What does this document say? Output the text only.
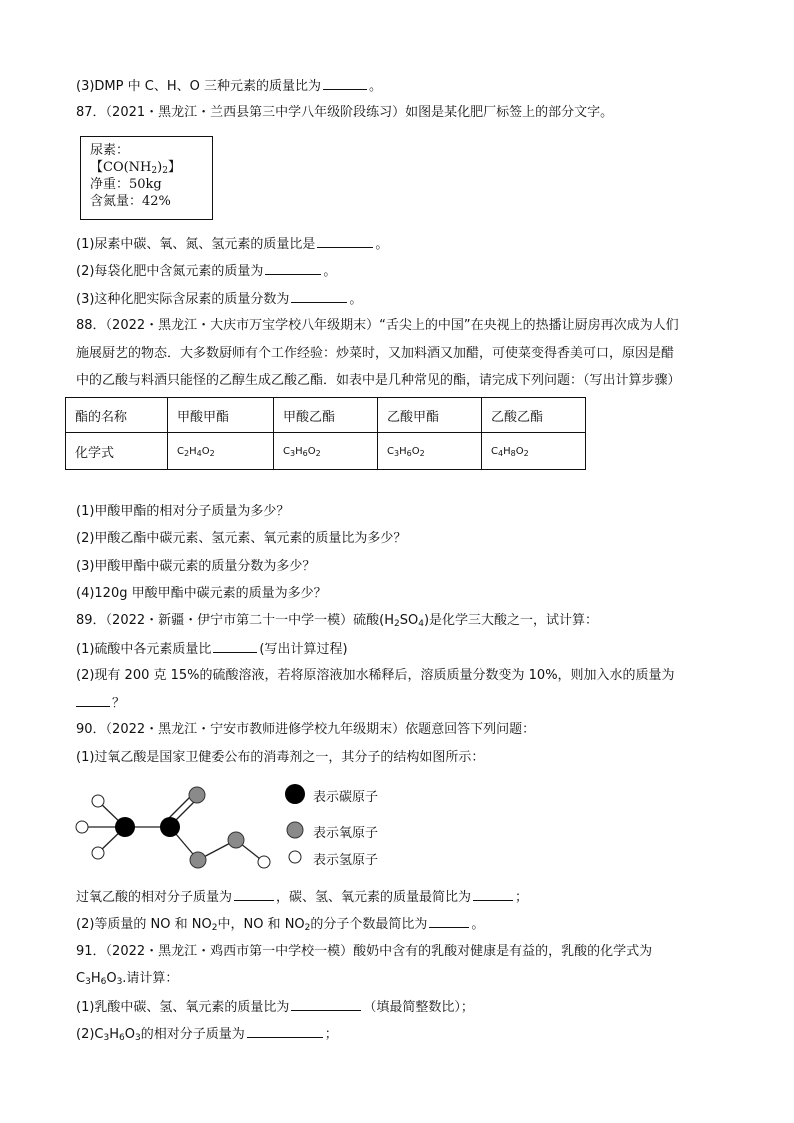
(3)DMP 中 C、H、O 三种元素的质量比为	。
87．（2021・黑龙江・兰西县第三中学八年级阶段练习）如图是某化肥厂标签上的部分文字。
尿素：【$CO(NH_2)_2$】
净重：50kg
含氮量：42%
(1)尿素中碳、氧、氮、氢元素的质量比是	。
(2)每袋化肥中含氮元素的质量为	。
(3)这种化肥实际含尿素的质量分数为	。
88．（2022・黑龙江・大庆市万宝学校八年级期末）“舌尖上的中国”在央视上的热播让厨房再次成为人们
施展厨艺的物态．大多数厨师有个工作经验：炒菜时，又加料酒又加醋，可使菜变得香美可口，原因是醋
中的乙酸与料酒只能怪的乙醇生成乙酸乙酯．如表中是几种常见的酯，请完成下列问题：（写出计算步骤）
酯的名称	甲酸甲酯	甲酸乙酯	乙酸甲酯	乙酸乙酯
化学式	$C_2H_4O_2$	$C_3H_6O_2$	$C_3H_6O_2$	$C_4H_8O_2$
(1)甲酸甲酯的相对分子质量为多少？
(2)甲酸乙酯中碳元素、氢元素、氧元素的质量比为多少？
(3)甲酸甲酯中碳元素的质量分数为多少？
(4)120g 甲酸甲酯中碳元素的质量为多少？
89．（2022・新疆・伊宁市第二十一中学一模）硫酸$(H_2SO_4)$是化学三大酸之一，试计算：
(1)硫酸中各元素质量比	(写出计算过程)
(2)现有 200 克 15%的硫酸溶液，若将原溶液加水稀释后，溶质质量分数变为 10%，则加入水的质量为
？
90．（2022・黑龙江・宁安市教师进修学校九年级期末）依题意回答下列问题：
(1)过氧乙酸是国家卫健委公布的消毒剂之一，其分子的结构如图所示：
表示碳原子
表示氧原子
表示氢原子
过氧乙酸的相对分子质量为	，碳、氢、氧元素的质量最简比为	；
(2)等质量的 NO 和 $NO_2$中，NO 和 $NO_2$的分子个数最简比为	。
91．（2022・黑龙江・鸡西市第一中学校一模）酸奶中含有的乳酸对健康是有益的，乳酸的化学式为
$C_3H_6O_3$.请计算：
(1)乳酸中碳、氢、氧元素的质量比为	（填最简整数比）；
$(2)C_3H_6O_3$的相对分子质量为	；
